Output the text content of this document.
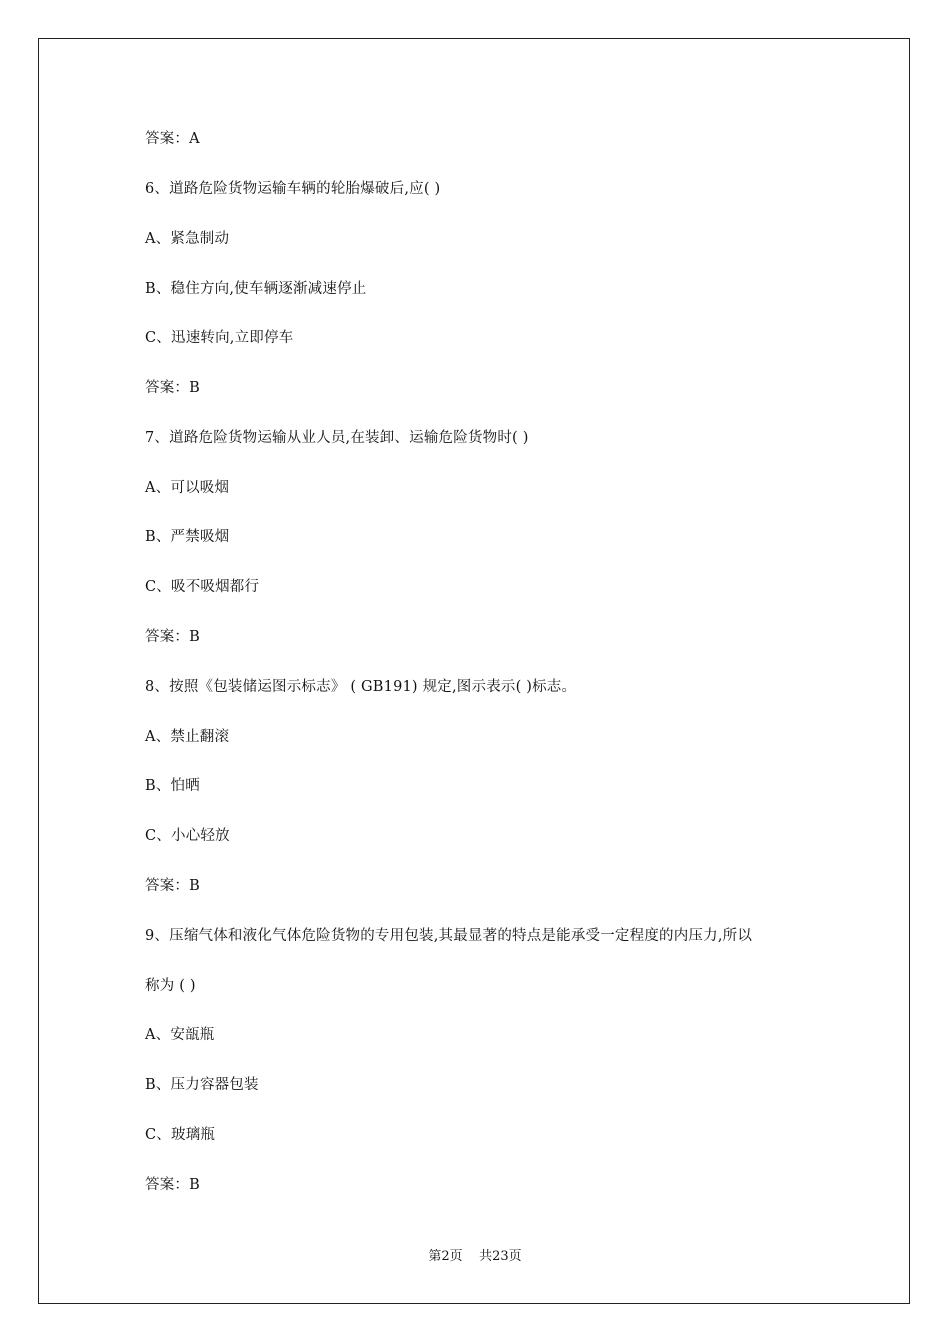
答案：A
6、道路危险货物运输车辆的轮胎爆破后,应( )
A、紧急制动
B、稳住方向,使车辆逐渐减速停止
C、迅速转向,立即停车
答案：B
7、道路危险货物运输从业人员,在装卸、运输危险货物时( )
A、可以吸烟
B、严禁吸烟
C、吸不吸烟都行
答案：B
8、按照《包装储运图示标志》 ( GB191) 规定,图示表示( )标志。
A、禁止翻滚
B、怕晒
C、小心轻放
答案：B
9、压缩气体和液化气体危险货物的专用包装,其最显著的特点是能承受一定程度的内压力,所以
称为 ( )
A、安瓿瓶
B、压力容器包装
C、玻璃瓶
答案：B
第2页    共23页
